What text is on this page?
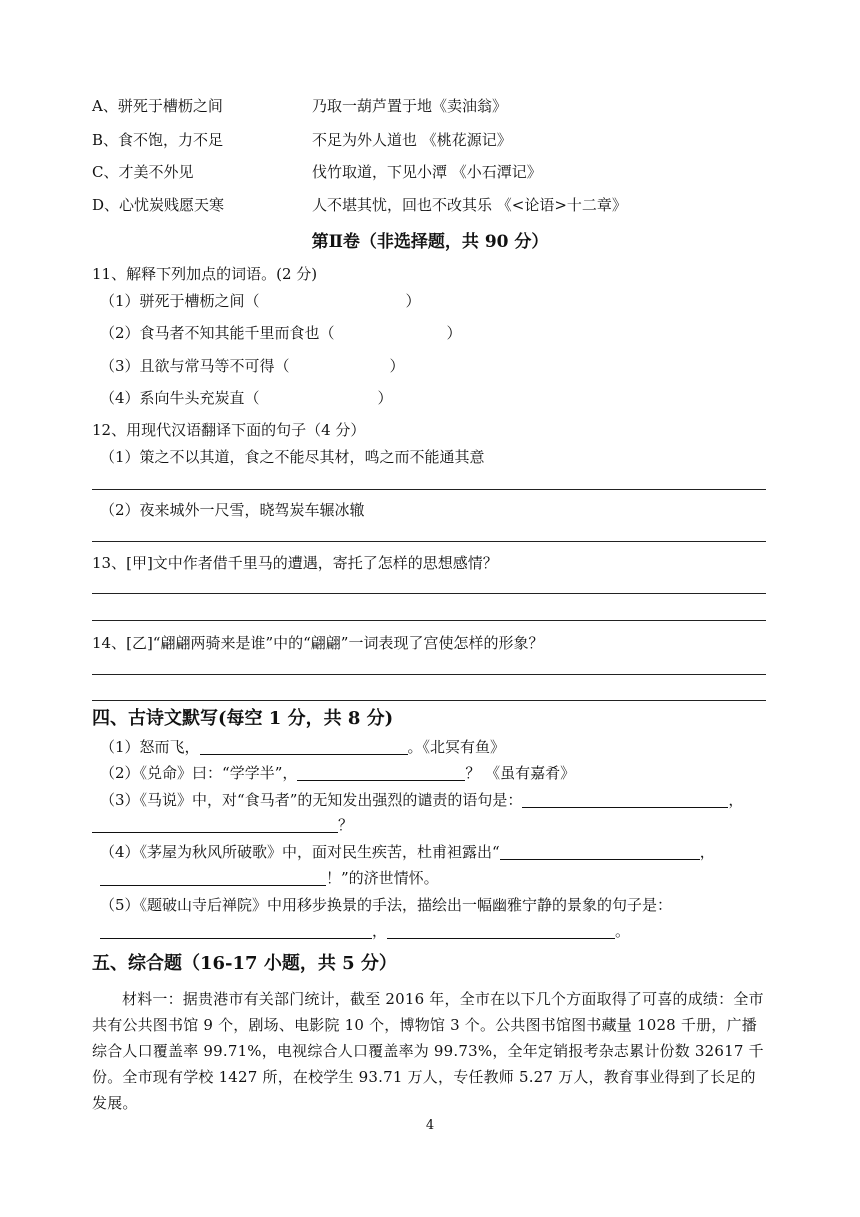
A、骈死于槽枥之间	乃取一葫芦置于地《卖油翁》
B、食不饱，力不足	不足为外人道也 《桃花源记》
C、才美不外见	伐竹取道，下见小潭 《小石潭记》
D、心忧炭贱愿天寒	人不堪其忧，回也不改其乐 《<论语>十二章》
第Ⅱ卷（非选择题，共 90 分）
11、解释下列加点的词语。(2 分)
（1）骈死于槽枥之间（	）
（2）食马者不知其能千里而食也（	）
（3）且欲与常马等不可得（	）
（4）系向牛头充炭直（	）
12、用现代汉语翻译下面的句子（4 分）
（1）策之不以其道，食之不能尽其材，鸣之而不能通其意
（2）夜来城外一尺雪，晓驾炭车辗冰辙
13、[甲]文中作者借千里马的遭遇，寄托了怎样的思想感情？
14、[乙]“翩翩两骑来是谁”中的“翩翩”一词表现了宫使怎样的形象？
四、古诗文默写(每空 1 分，共 8 分)
（1）怒而飞，	。《北冥有鱼》
（2）《兑命》曰：“学学半”，	？ 《虽有嘉肴》
（3）《马说》中，对“食马者”的无知发出强烈的谴责的语句是：	，
？
（4）《茅屋为秋风所破歌》中，面对民生疾苦，杜甫袒露出“	，
！”的济世情怀。
（5）《题破山寺后禅院》中用移步换景的手法，描绘出一幅幽雅宁静的景象的句子是：
，	。
五、综合题（16-17 小题，共 5 分）
材料一：据贵港市有关部门统计，截至 2016 年，全市在以下几个方面取得了可喜的成绩：全市共有公共图书馆 9 个，剧场、电影院 10 个，博物馆 3 个。公共图书馆图书藏量 1028 千册，广播综合人口覆盖率 99.71%，电视综合人口覆盖率为 99.73%，全年定销报考杂志累计份数 32617 千份。全市现有学校 1427 所，在校学生 93.71 万人，专任教师 5.27 万人，教育事业得到了长足的发展。
4
